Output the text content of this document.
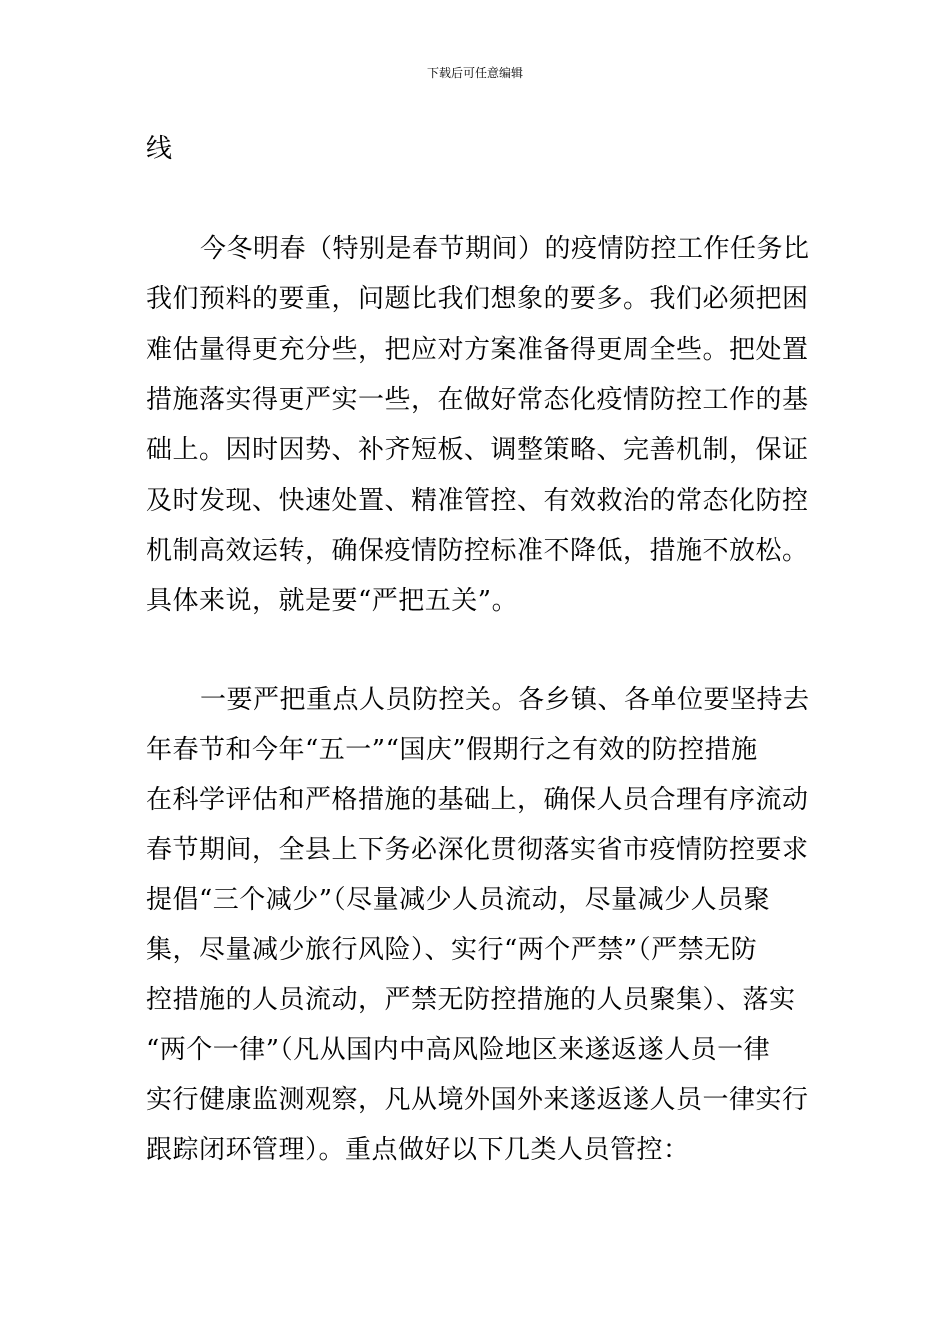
下载后可任意编辑
线
今冬明春（特别是春节期间）的疫情防控工作任务比
我们预料的要重，问题比我们想象的要多。我们必须把困
难估量得更充分些，把应对方案准备得更周全些。把处置
措施落实得更严实一些，在做好常态化疫情防控工作的基
础上。因时因势、补齐短板、调整策略、完善机制，保证
及时发现、快速处置、精准管控、有效救治的常态化防控
机制高效运转，确保疫情防控标准不降低，措施不放松。
具体来说，就是要“严把五关”。
一要严把重点人员防控关。各乡镇、各单位要坚持去
年春节和今年“五一”“国庆”假期行之有效的防控措施
在科学评估和严格措施的基础上，确保人员合理有序流动
春节期间，全县上下务必深化贯彻落实省市疫情防控要求
提倡“三个减少”（尽量减少人员流动，尽量减少人员聚
集，尽量减少旅行风险）、实行“两个严禁”（严禁无防
控措施的人员流动，严禁无防控措施的人员聚集）、落实
“两个一律”（凡从国内中高风险地区来遂返遂人员一律
实行健康监测观察，凡从境外国外来遂返遂人员一律实行
跟踪闭环管理）。重点做好以下几类人员管控：
